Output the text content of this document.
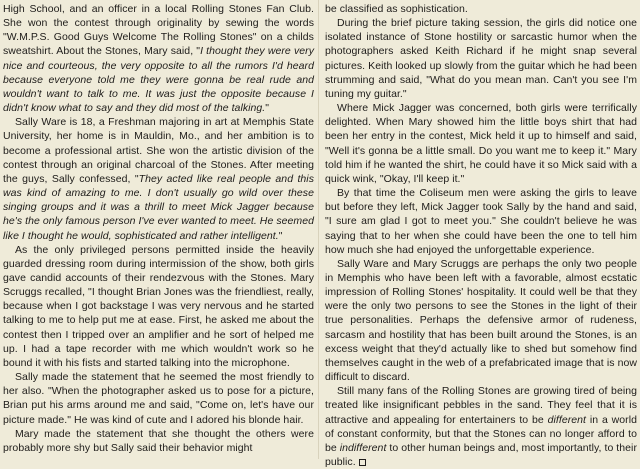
High School, and an officer in a local Rolling Stones Fan Club. She won the contest through originality by sewing the words "W.M.P.S. Good Guys Welcome The Rolling Stones" on a childs sweatshirt. About the Stones, Mary said, "I thought they were very nice and courteous, the very opposite to all the rumors I'd heard because everyone told me they were gonna be real rude and wouldn't want to talk to me. It was just the opposite because I didn't know what to say and they did most of the talking."

Sally Ware is 18, a Freshman majoring in art at Memphis State University, her home is in Mauldin, Mo., and her ambition is to become a professional artist. She won the artistic division of the contest through an original charcoal of the Stones. After meeting the guys, Sally confessed, "They acted like real people and this was kind of amazing to me. I don't usually go wild over these singing groups and it was a thrill to meet Mick Jagger because he's the only famous person I've ever wanted to meet. He seemed like I thought he would, sophisticated and rather intelligent."

As the only privileged persons permitted inside the heavily guarded dressing room during intermission of the show, both girls gave candid accounts of their rendezvous with the Stones. Mary Scruggs recalled, "I thought Brian Jones was the friendliest, really, because when I got backstage I was very nervous and he started talking to me to help put me at ease. First, he asked me about the contest then I tripped over an amplifier and he sort of helped me up. I had a tape recorder with me which wouldn't work so he bound it with his fists and started talking into the microphone.

Sally made the statement that he seemed the most friendly to her also. "When the photographer asked us to pose for a picture, Brian put his arms around me and said, "Come on, let's have our picture made." He was kind of cute and I adored his blonde hair.

Mary made the statement that she thought the others were probably more shy but Sally said their behavior might

be classified as sophistication.

During the brief picture taking session, the girls did notice one isolated instance of Stone hostility or sarcastic humor when the photographers asked Keith Richard if he might snap several pictures. Keith looked up slowly from the guitar which he had been strumming and said, "What do you mean man. Can't you see I'm tuning my guitar."

Where Mick Jagger was concerned, both girls were terrifically delighted. When Mary showed him the little boys shirt that had been her entry in the contest, Mick held it up to himself and said, "Well it's gonna be a little small. Do you want me to keep it." Mary told him if he wanted the shirt, he could have it so Mick said with a quick wink, "Okay, I'll keep it."

By that time the Coliseum men were asking the girls to leave but before they left, Mick Jagger took Sally by the hand and said, "I sure am glad I got to meet you." She couldn't believe he was saying that to her when she could have been the one to tell him how much she had enjoyed the unforgettable experience.

Sally Ware and Mary Scruggs are perhaps the only two people in Memphis who have been left with a favorable, almost ecstatic impression of Rolling Stones' hospitality. It could well be that they were the only two persons to see the Stones in the light of their true personalities. Perhaps the defensive armor of rudeness, sarcasm and hostility that has been built around the Stones, is an excess weight that they'd actually like to shed but somehow find themselves caught in the web of a prefabricated image that is now difficult to discard.

Still many fans of the Rolling Stones are growing tired of being treated like insignificant pebbles in the sand. They feel that it is attractive and appealing for entertainers to be different in a world of constant conformity, but that the Stones can no longer afford to be indifferent to other human beings and, most importantly, to their public.
